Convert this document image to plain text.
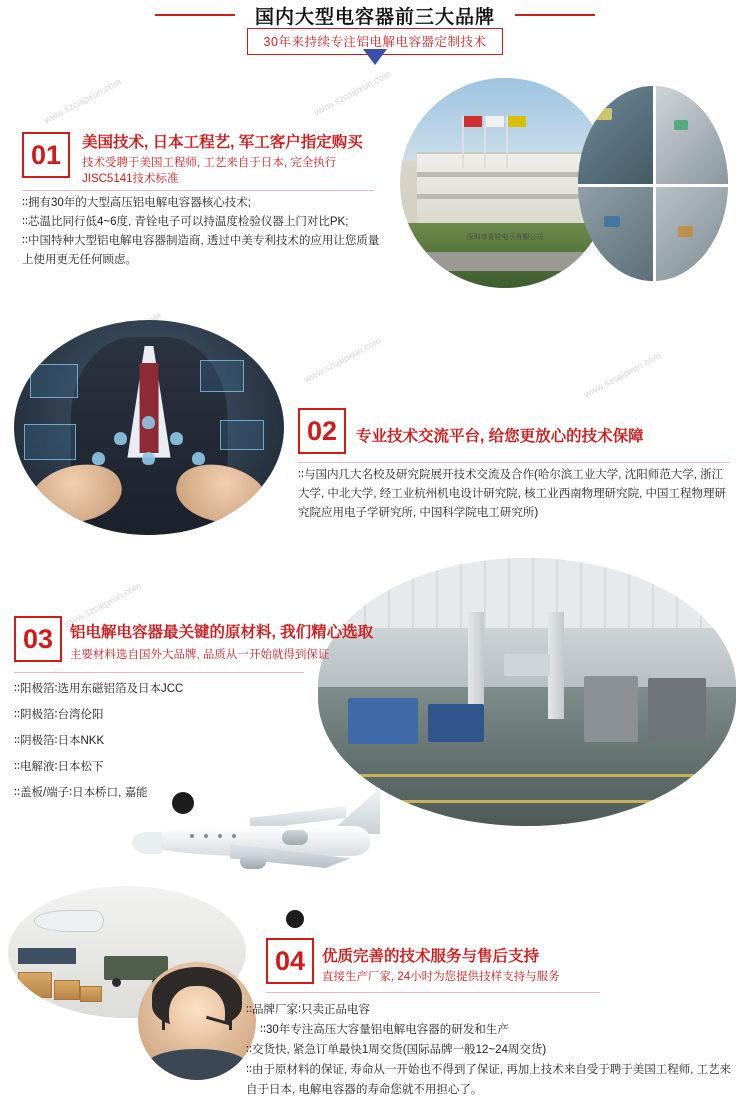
国内大型电容器前三大品牌
30年来持续专注铝电解电容器定制技术
www.szcaipxun.com	www.szcaipxun.com
www.szcaipxun.com	www.szcaipxun.com
www.szcaipxun.com
深圳市青铨电子有限公司
01	美国技术, 日本工程艺, 军工客户指定购买
技术受聘于美国工程师, 工艺来自于日本, 完全执行JISC5141技术标准
∶∶拥有30年的大型高压铝电解电容器核心技术;
∶∶芯温比同行低4~6度, 青铨电子可以持温度检验仪器上门对比PK;
∶∶中国特种大型铝电解电容器制造商, 透过中美专利技术的应用让您质量上使用更无任何顾虑。
02	专业技术交流平台, 给您更放心的技术保障
∶∶与国内几大名校及研究院展开技术交流及合作(哈尔滨工业大学, 沈阳师范大学, 浙江大学, 中北大学, 经工业杭州机电设计研究院, 核工业西南物理研究院, 中国工程物理研究院应用电子学研究所, 中国科学院电工研究所)
03	铝电解电容器最关键的原材料, 我们精心选取
主要材料选自国外大品牌, 品质从一开始就得到保证
∶∶阳极箔∶选用东磁铝箔及日本JCC
∶∶阴极箔∶台湾伦阳
∶∶阴极箔∶日本NKK
∶∶电解液∶日本松下
∶∶盖板/端子∶日本桥口, 嘉能
04	优质完善的技术服务与售后支持
直接生产厂家, 24小时为您提供技样支持与服务
∶∶品牌厂家∶只卖正品电容
∶∶30年专注高压大容量铝电解电容器的研发和生产
∶∶交货快, 紧急订单最快1周交货(国际品牌一般12~24周交货)
∶∶由于原材料的保证, 寿命从一开始也不得到了保证, 再加上技术来自受于聘于美国工程师, 工艺来自于日本, 电解电容器的寿命您就不用担心了。
